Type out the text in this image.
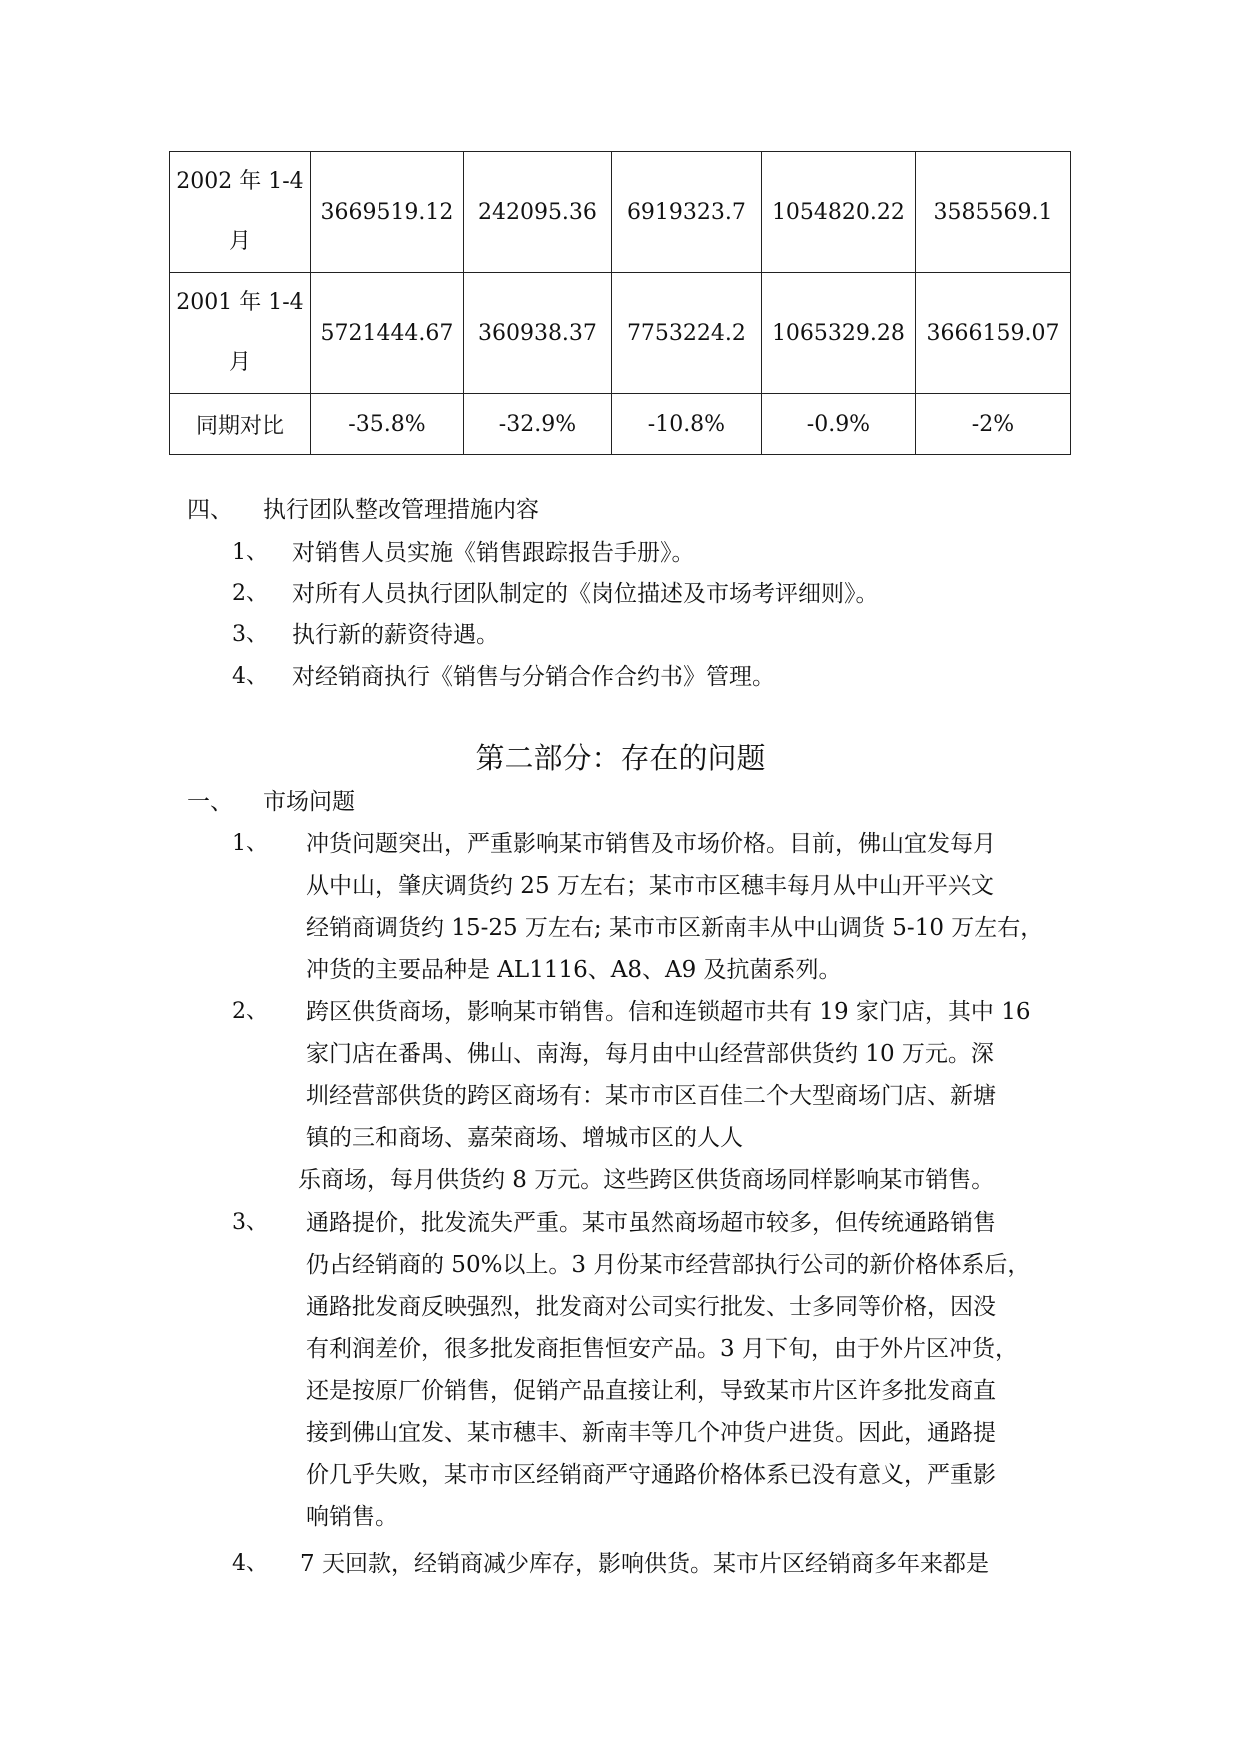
2002 年 1-4
月	3669519.12	242095.36	6919323.7	1054820.22	3585569.1

2001 年 1-4
月	5721444.67	360938.37	7753224.2	1065329.28	3666159.07
同期对比	-35.8%	-32.9%	-10.8%	-0.9%	-2%
四、 执行团队整改管理措施内容
1、 对销售人员实施《销售跟踪报告手册》。
2、 对所有人员执行团队制定的《岗位描述及市场考评细则》。
3、 执行新的薪资待遇。
4、 对经销商执行《销售与分销合作合约书》管理。
第二部分：存在的问题
一、 市场问题
1、 冲货问题突出，严重影响某市销售及市场价格。目前，佛山宜发每月
从中山，肇庆调货约 25 万左右；某市市区穗丰每月从中山开平兴文
经销商调货约 15-25 万左右; 某市市区新南丰从中山调货 5-10 万左右，
冲货的主要品种是 AL1116、A8、A9 及抗菌系列。
2、 跨区供货商场，影响某市销售。信和连锁超市共有 19 家门店，其中 16
家门店在番禺、佛山、南海，每月由中山经营部供货约 10 万元。深
圳经营部供货的跨区商场有：某市市区百佳二个大型商场门店、新塘
镇的三和商场、嘉荣商场、增城市区的人人
乐商场，每月供货约 8 万元。这些跨区供货商场同样影响某市销售。
3、 通路提价，批发流失严重。某市虽然商场超市较多，但传统通路销售
仍占经销商的 50%以上。3 月份某市经营部执行公司的新价格体系后，
通路批发商反映强烈，批发商对公司实行批发、士多同等价格，因没
有利润差价，很多批发商拒售恒安产品。3 月下旬，由于外片区冲货，
还是按原厂价销售，促销产品直接让利，导致某市片区许多批发商直
接到佛山宜发、某市穗丰、新南丰等几个冲货户进货。因此，通路提
价几乎失败，某市市区经销商严守通路价格体系已没有意义，严重影
响销售。
4、 7 天回款，经销商减少库存，影响供货。某市片区经销商多年来都是
